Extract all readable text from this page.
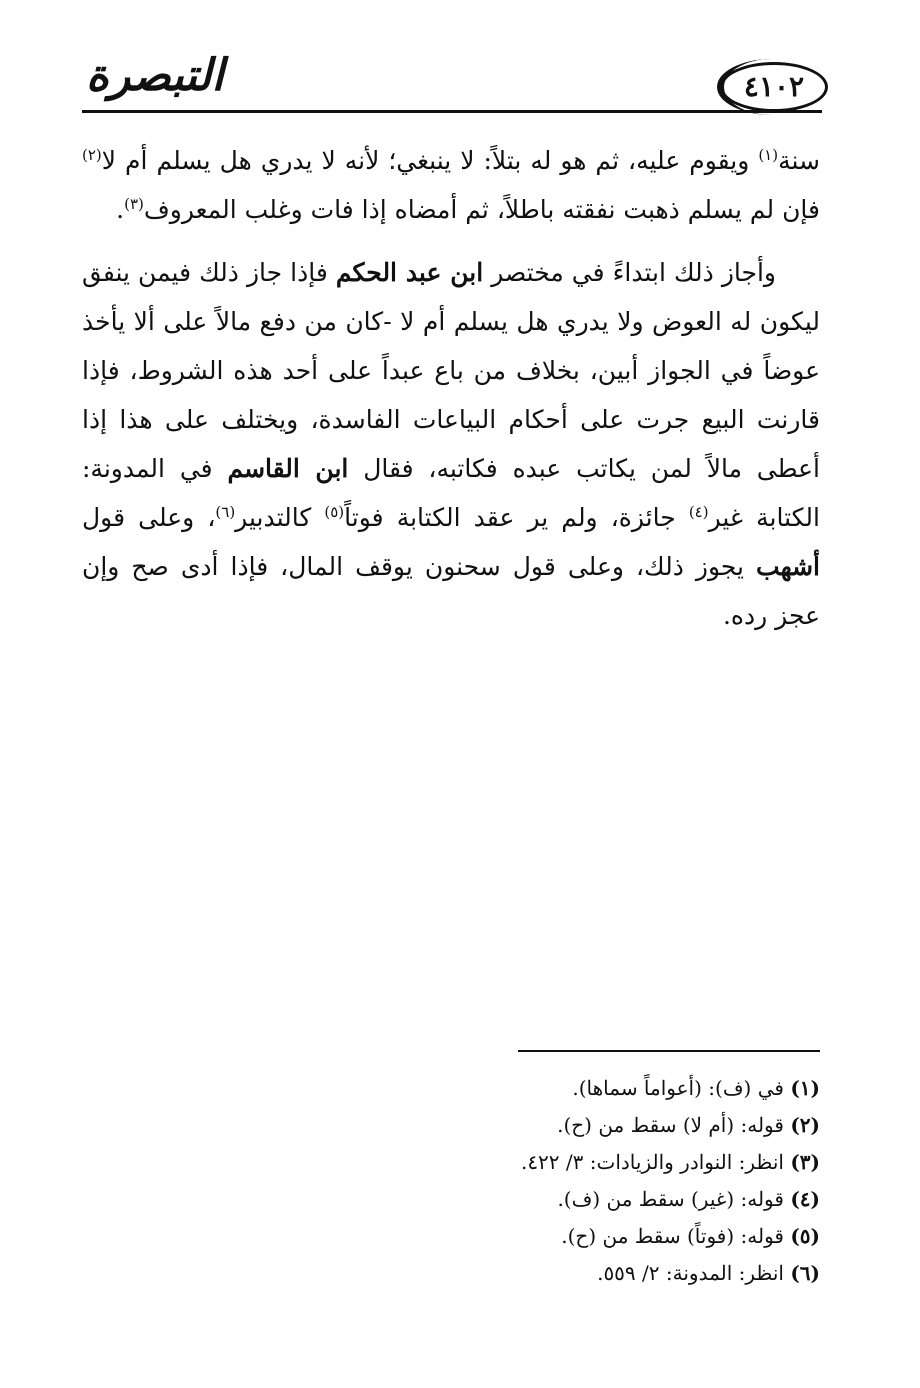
٤١٠٢
التبصرة

سنة$^{(١)}$ ويقوم عليه، ثم هو له بتلاً: لا ينبغي؛ لأنه لا يدري هل يسلم أم لا$^{(٢)}$ فإن لم يسلم ذهبت نفقته باطلاً، ثم أمضاه إذا فات وغلب المعروف$^{(٣)}$.

وأجاز ذلك ابتداءً في مختصر ابن عبد الحكم فإذا جاز ذلك فيمن ينفق ليكون له العوض ولا يدري هل يسلم أم لا -كان من دفع مالاً على ألا يأخذ عوضاً في الجواز أبين، بخلاف من باع عبداً على أحد هذه الشروط، فإذا قارنت البيع جرت على أحكام البياعات الفاسدة، ويختلف على هذا إذا أعطى مالاً لمن يكاتب عبده فكاتبه، فقال ابن القاسم في المدونة: الكتابة غير$^{(٤)}$ جائزة، ولم ير عقد الكتابة فوتاً$^{(٥)}$ كالتدبير$^{(٦)}$، وعلى قول أشهب يجوز ذلك، وعلى قول سحنون يوقف المال، فإذا أدى صح وإن عجز رده.

(١) في (ف): (أعواماً سماها).
(٢) قوله: (أم لا) سقط من (ح).
(٣) انظر: النوادر والزيادات: ٣/ ٤٢٢.
(٤) قوله: (غير) سقط من (ف).
(٥) قوله: (فوتاً) سقط من (ح).
(٦) انظر: المدونة: ٢/ ٥٥٩.
